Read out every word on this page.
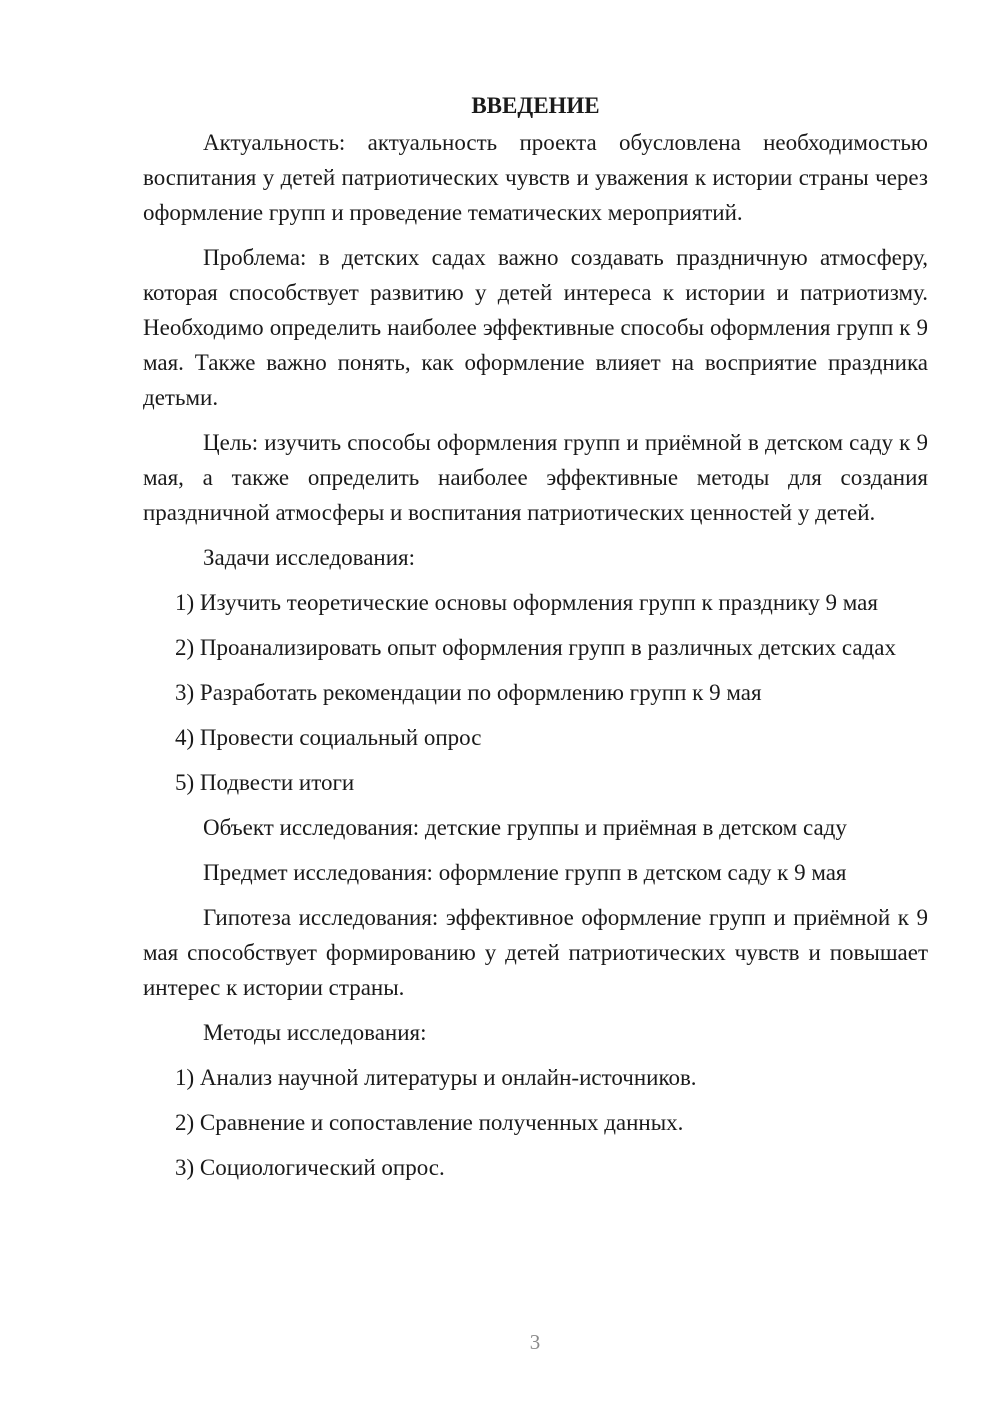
ВВЕДЕНИЕ

Актуальность: актуальность проекта обусловлена необходимостью воспитания у детей патриотических чувств и уважения к истории страны через оформление групп и проведение тематических мероприятий.

Проблема: в детских садах важно создавать праздничную атмосферу, которая способствует развитию у детей интереса к истории и патриотизму. Необходимо определить наиболее эффективные способы оформления групп к 9 мая. Также важно понять, как оформление влияет на восприятие праздника детьми.

Цель: изучить способы оформления групп и приёмной в детском саду к 9 мая, а также определить наиболее эффективные методы для создания праздничной атмосферы и воспитания патриотических ценностей у детей.

Задачи исследования:

1) Изучить теоретические основы оформления групп к празднику 9 мая

2) Проанализировать опыт оформления групп в различных детских садах

3) Разработать рекомендации по оформлению групп к 9 мая

4) Провести социальный опрос

5) Подвести итоги

Объект исследования: детские группы и приёмная в детском саду

Предмет исследования: оформление групп в детском саду к 9 мая

Гипотеза исследования: эффективное оформление групп и приёмной к 9 мая способствует формированию у детей патриотических чувств и повышает интерес к истории страны.

Методы исследования:

1) Анализ научной литературы и онлайн-источников.

2) Сравнение и сопоставление полученных данных.

3) Социологический опрос.

3
